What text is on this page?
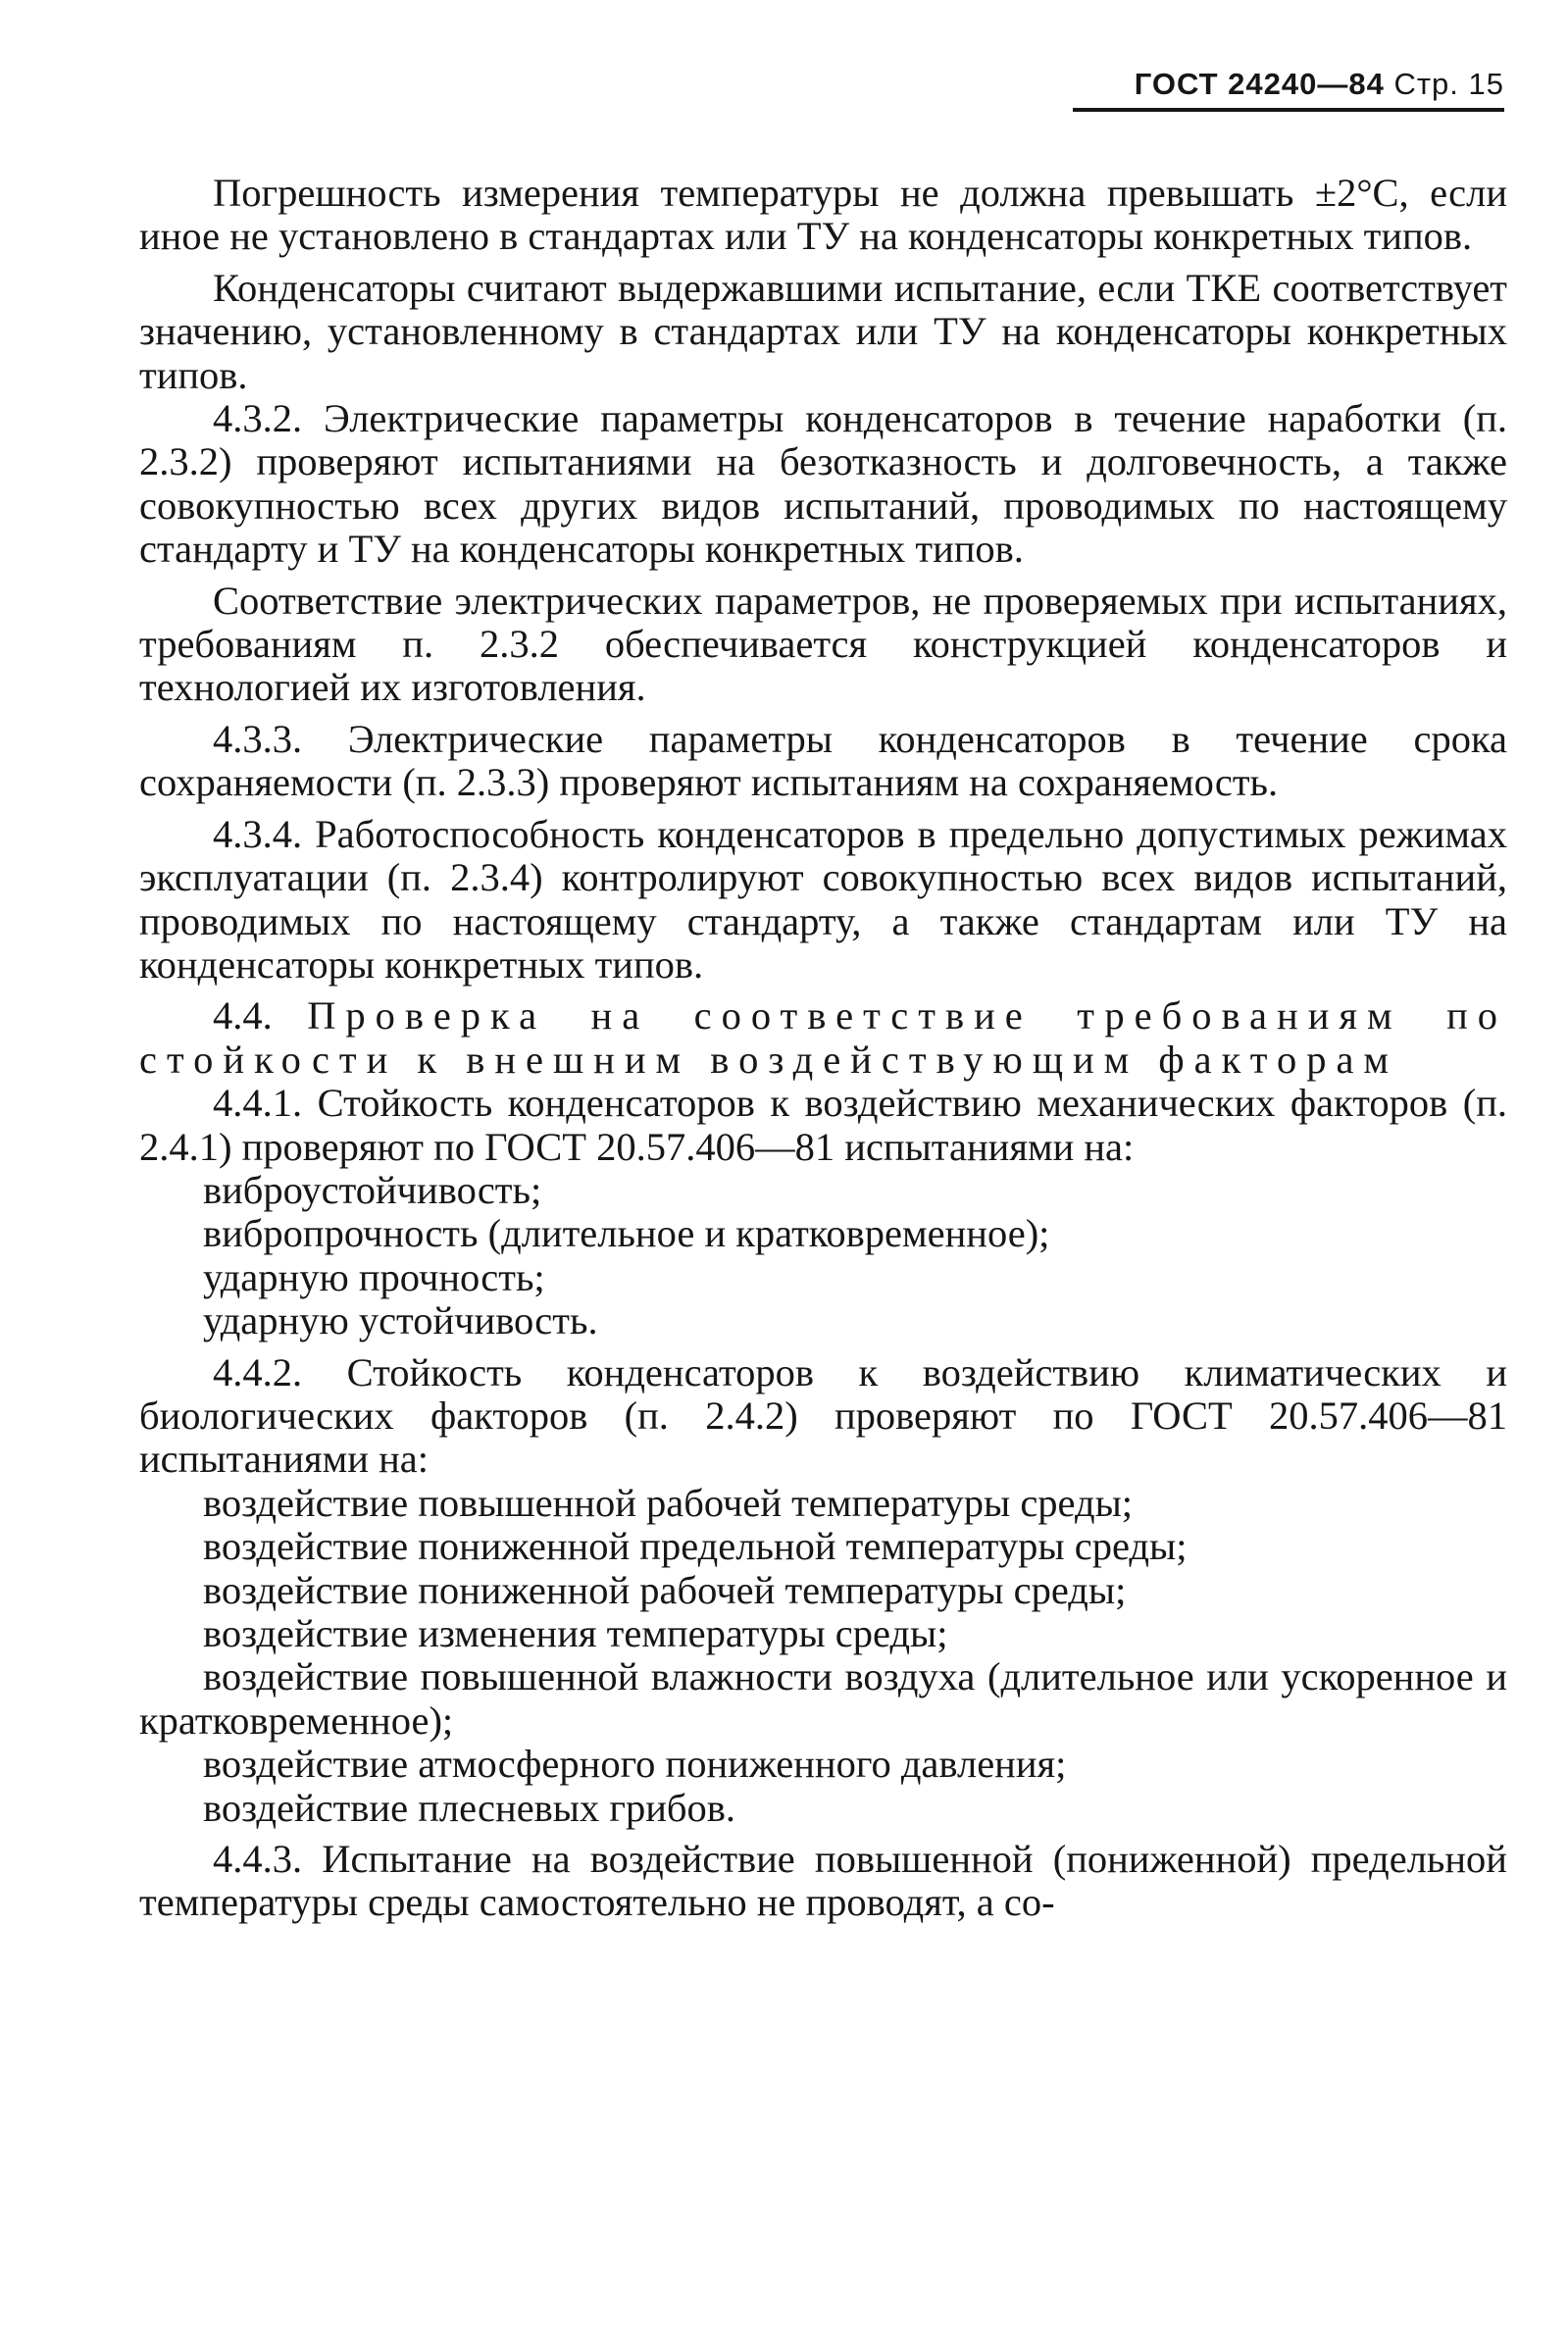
ГОСТ 24240—84 Стр. 15

Погрешность измерения температуры не должна превышать ±2°С, если иное не установлено в стандартах или ТУ на конденсаторы конкретных типов.

Конденсаторы считают выдержавшими испытание, если ТКЕ соответствует значению, установленному в стандартах или ТУ на конденсаторы конкретных типов.

4.3.2. Электрические параметры конденсаторов в течение наработки (п. 2.3.2) проверяют испытаниями на безотказность и долговечность, а также совокупностью всех других видов испытаний, проводимых по настоящему стандарту и ТУ на конденсаторы конкретных типов.

Соответствие электрических параметров, не проверяемых при испытаниях, требованиям п. 2.3.2 обеспечивается конструкцией конденсаторов и технологией их изготовления.

4.3.3. Электрические параметры конденсаторов в течение срока сохраняемости (п. 2.3.3) проверяют испытаниям на сохраняемость.

4.3.4. Работоспособность конденсаторов в предельно допустимых режимах эксплуатации (п. 2.3.4) контролируют совокупностью всех видов испытаний, проводимых по настоящему стандарту, а также стандартам или ТУ на конденсаторы конкретных типов.

4.4. Проверка на соответствие требованиям по стойкости к внешним воздействующим факторам

4.4.1. Стойкость конденсаторов к воздействию механических факторов (п. 2.4.1) проверяют по ГОСТ 20.57.406—81 испытаниями на:

виброустойчивость;

вибропрочность (длительное и кратковременное);

ударную прочность;

ударную устойчивость.

4.4.2. Стойкость конденсаторов к воздействию климатических и биологических факторов (п. 2.4.2) проверяют по ГОСТ 20.57.406—81 испытаниями на:

воздействие повышенной рабочей температуры среды;

воздействие пониженной предельной температуры среды;

воздействие пониженной рабочей температуры среды;

воздействие изменения температуры среды;

воздействие повышенной влажности воздуха (длительное или ускоренное и кратковременное);

воздействие атмосферного пониженного давления;

воздействие плесневых грибов.

4.4.3. Испытание на воздействие повышенной (пониженной) предельной температуры среды самостоятельно не проводят, а со-
